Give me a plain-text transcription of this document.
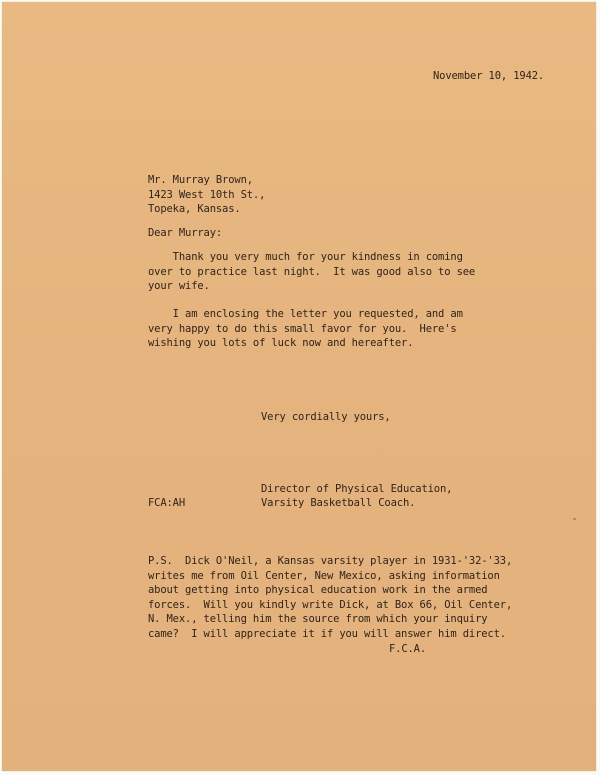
November 10, 1942.
Mr. Murray Brown,
1423 West 10th St.,
Topeka, Kansas.
Dear Murray:
Thank you very much for your kindness in coming
over to practice last night.  It was good also to see
your wife.
I am enclosing the letter you requested, and am
very happy to do this small favor for you.  Here's
wishing you lots of luck now and hereafter.
Very cordially yours,
Director of Physical Education,
FCA:AH	Varsity Basketball Coach.
P.S.  Dick O'Neil, a Kansas varsity player in 1931-'32-'33,
writes me from Oil Center, New Mexico, asking information
about getting into physical education work in the armed
forces.  Will you kindly write Dick, at Box 66, Oil Center,
N. Mex., telling him the source from which your inquiry
came?  I will appreciate it if you will answer him direct.
F.C.A.
